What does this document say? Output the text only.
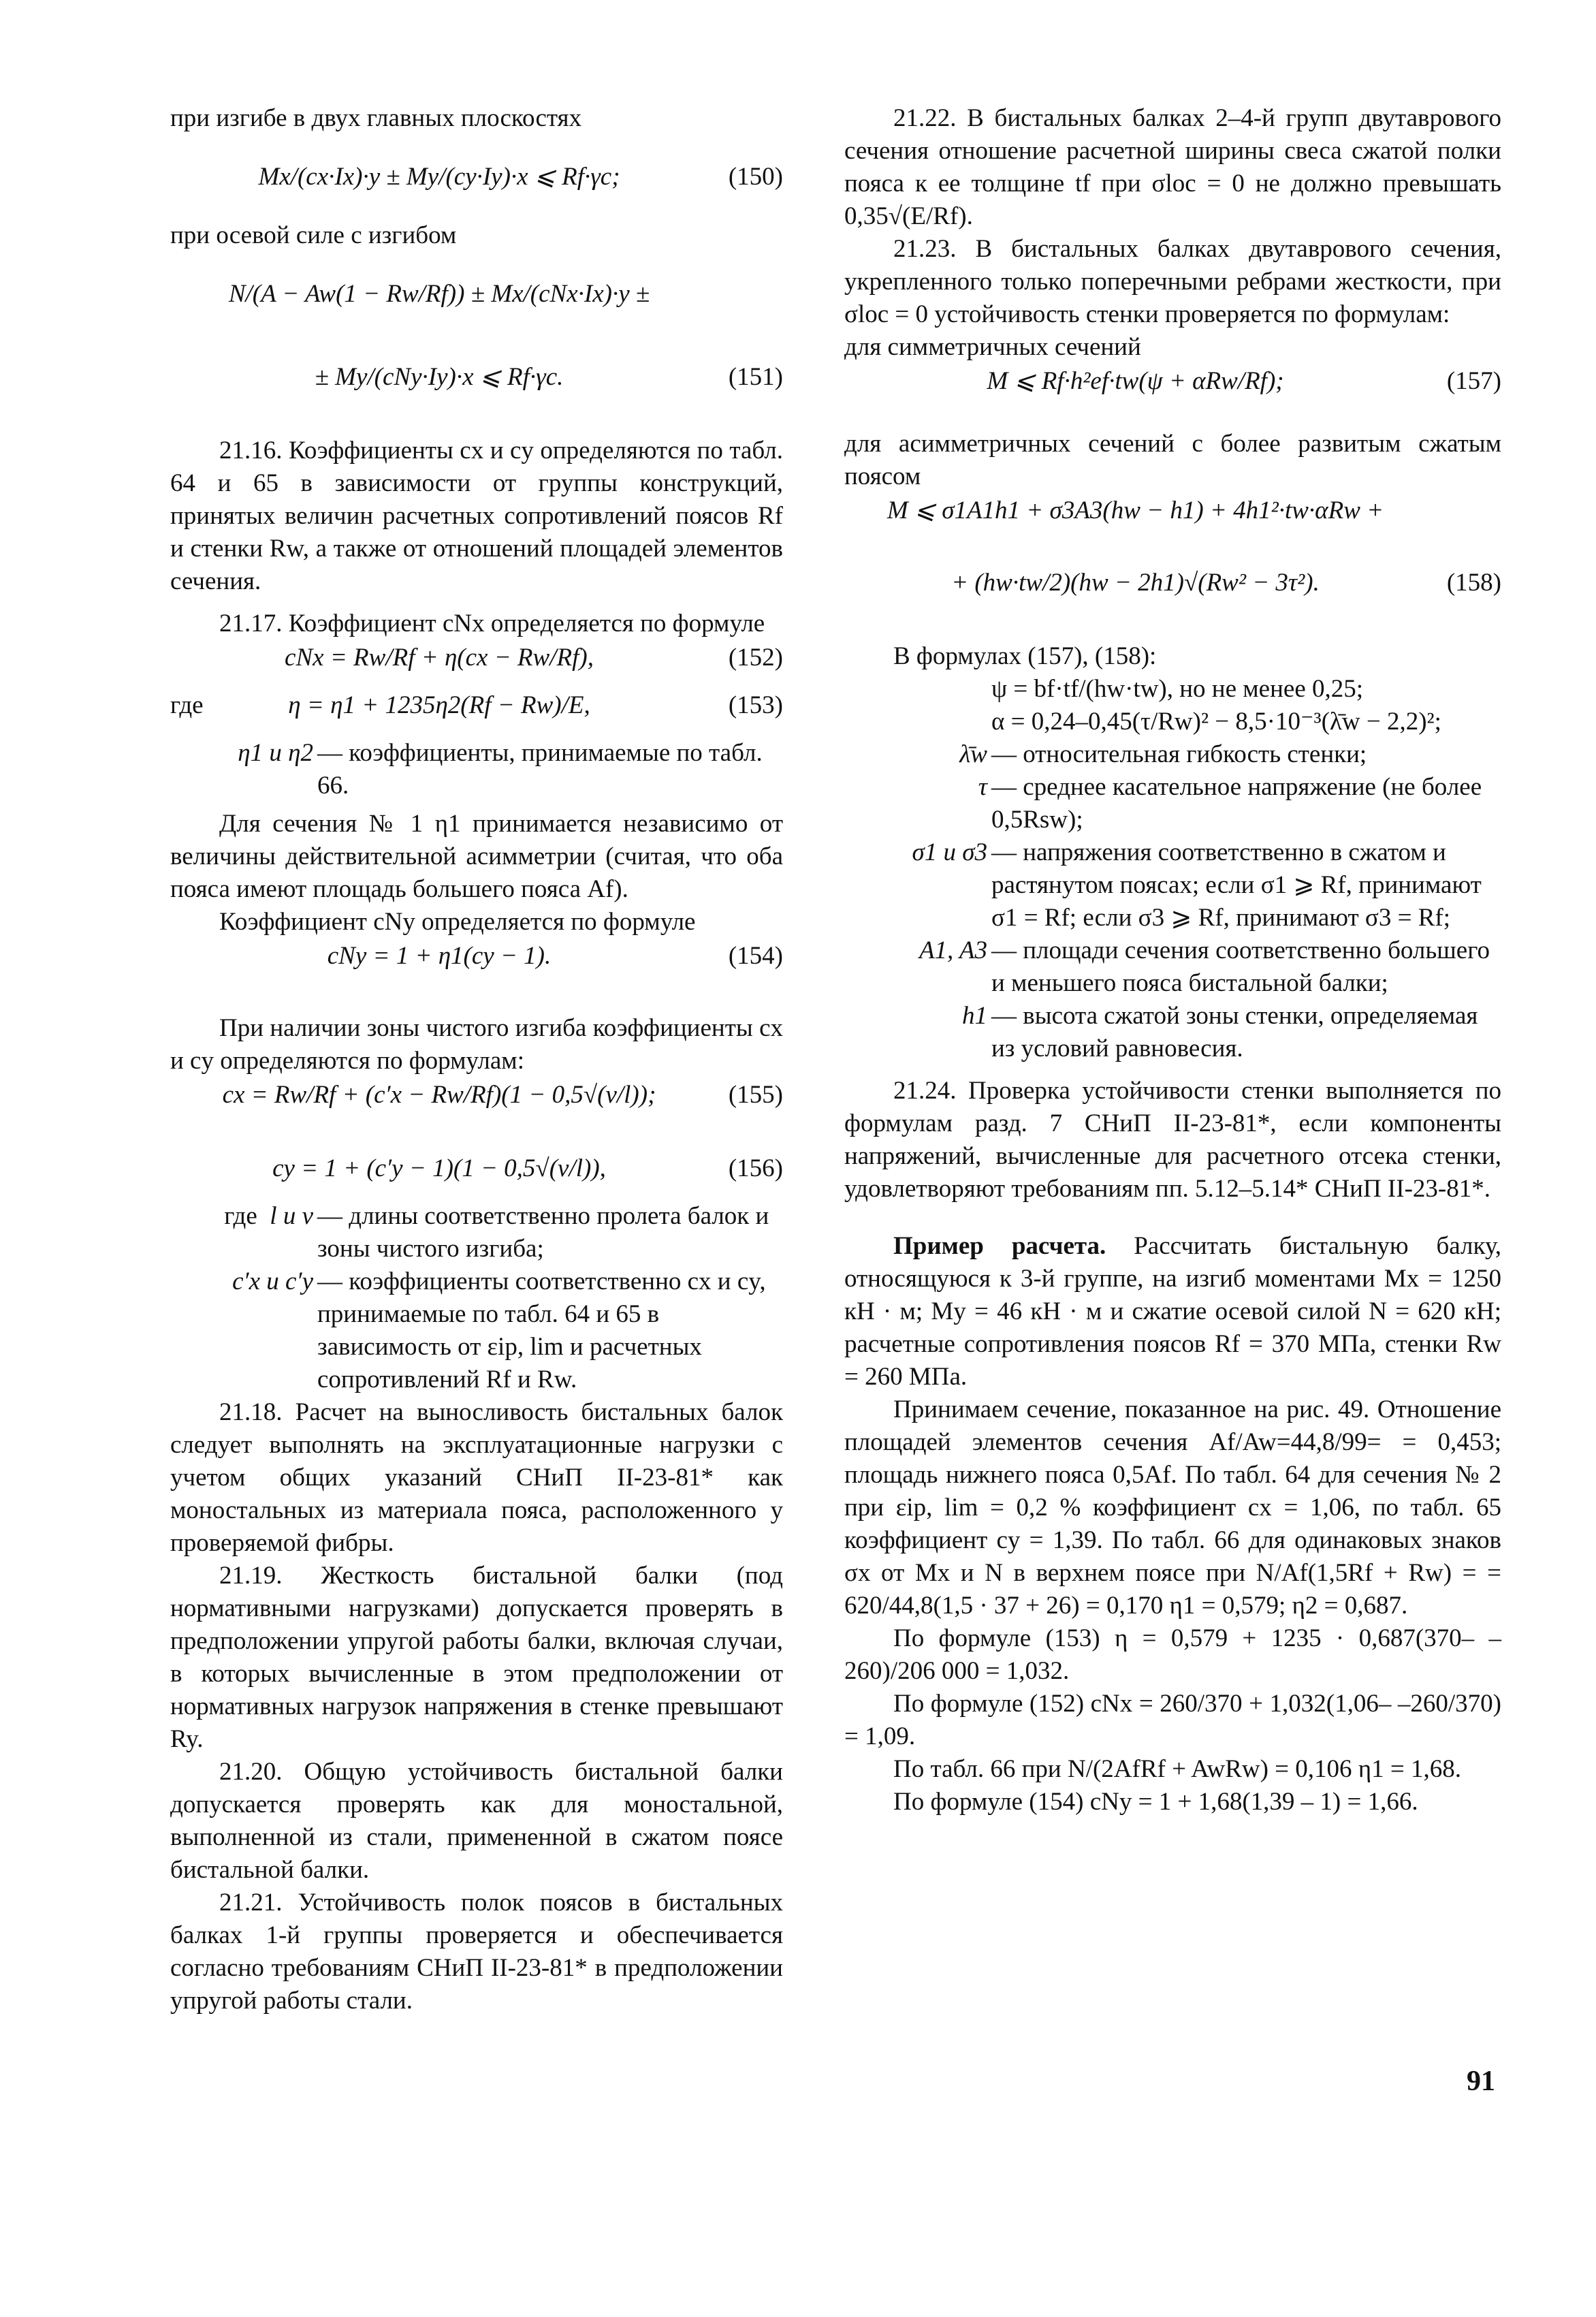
при изгибе в двух главных плоскостях

Mx/(cx·Ix)·y ± My/(cy·Iy)·x ⩽ Rf·γc;	(150)

при осевой силе с изгибом

N/(A − Aw(1 − Rw/Rf)) ± Mx/(cNx·Ix)·y ±
± My/(cNy·Iy)·x ⩽ Rf·γc.	(151)

21.16. Коэффициенты cx и cy определяются по табл. 64 и 65 в зависимости от группы конструкций, принятых величин расчетных сопротивлений поясов Rf и стенки Rw, а также от отношений площадей элементов сечения.

21.17. Коэффициент cNx определяется по формуле

cNx = Rw/Rf + η(cx − Rw/Rf),	(152)
где	η = η1 + 1235η2(Rf − Rw)/E,	(153)
η1 и η2 — коэффициенты, принимаемые по табл. 66.

Для сечения № 1 η1 принимается независимо от величины действительной асимметрии (считая, что оба пояса имеют площадь большего пояса Af).

Коэффициент cNy определяется по формуле

cNy = 1 + η1(cy − 1).	(154)

При наличии зоны чистого изгиба коэффициенты cx и cy определяются по формулам:

cx = Rw/Rf + (c′x − Rw/Rf)(1 − 0,5√(ν/l));	(155)
cy = 1 + (c′y − 1)(1 − 0,5√(ν/l)),	(156)
где l и ν — длины соответственно пролета балок и зоны чистого изгиба;
c′x и c′y — коэффициенты соответственно cx и cy, принимаемые по табл. 64 и 65 в зависимость от εip, lim и расчетных сопротивлений Rf и Rw.

21.18. Расчет на выносливость бистальных балок следует выполнять на эксплуатационные нагрузки с учетом общих указаний СНиП II-23-81* как моностальных из материала пояса, расположенного у проверяемой фибры.

21.19. Жесткость бистальной балки (под нормативными нагрузками) допускается проверять в предположении упругой работы балки, включая случаи, в которых вычисленные в этом предположении от нормативных нагрузок напряжения в стенке превышают Ry.

21.20. Общую устойчивость бистальной балки допускается проверять как для моностальной, выполненной из стали, примененной в сжатом поясе бистальной балки.

21.21. Устойчивость полок поясов в бистальных балках 1-й группы проверяется и обеспечивается согласно требованиям СНиП II-23-81* в предположении упругой работы стали.

21.22. В бистальных балках 2–4-й групп двутаврового сечения отношение расчетной ширины свеса сжатой полки пояса к ее толщине tf при σloc = 0 не должно превышать 0,35√(E/Rf).

21.23. В бистальных балках двутаврового сечения, укрепленного только поперечными ребрами жесткости, при σloc = 0 устойчивость стенки проверяется по формулам:

для симметричных сечений

M ⩽ Rf·h²ef·tw(ψ + αRw/Rf);	(157)

для асимметричных сечений с более развитым сжатым поясом

M ⩽ σ1A1h1 + σ3A3(hw − h1) + 4h1²·tw·αRw +
+ (hw·tw/2)(hw − 2h1)√(Rw² − 3τ²).	(158)

В формулах (157), (158):

ψ = bf·tf/(hw·tw), но не менее 0,25;
α = 0,24–0,45(τ/Rw)² − 8,5·10⁻³(λ̄w − 2,2)²;
λ̄w — относительная гибкость стенки;
τ — среднее касательное напряжение (не более 0,5Rsw);
σ1 и σ3 — напряжения соответственно в сжатом и растянутом поясах; если σ1 ⩾ Rf, принимают σ1 = Rf; если σ3 ⩾ Rf, принимают σ3 = Rf;
A1, A3 — площади сечения соответственно большего и меньшего пояса бистальной балки;
h1 — высота сжатой зоны стенки, определяемая из условий равновесия.

21.24. Проверка устойчивости стенки выполняется по формулам разд. 7 СНиП II-23-81*, если компоненты напряжений, вычисленные для расчетного отсека стенки, удовлетворяют требованиям пп. 5.12–5.14* СНиП II-23-81*.

Пример расчета. Рассчитать бистальную балку, относящуюся к 3-й группе, на изгиб моментами Mx = 1250 кН · м; My = 46 кН · м и сжатие осевой силой N = 620 кН; расчетные сопротивления поясов Rf = 370 МПа, стенки Rw = 260 МПа.

Принимаем сечение, показанное на рис. 49. Отношение площадей элементов сечения Af/Aw=44,8/99= = 0,453; площадь нижнего пояса 0,5Af. По табл. 64 для сечения № 2 при εip, lim = 0,2 % коэффициент cx = 1,06, по табл. 65 коэффициент cy = 1,39. По табл. 66 для одинаковых знаков σx от Mx и N в верхнем поясе при N/Af(1,5Rf + Rw) = = 620/44,8(1,5 · 37 + 26) = 0,170 η1 = 0,579; η2 = 0,687.

По формуле (153) η = 0,579 + 1235 · 0,687(370– –260)/206 000 = 1,032.

По формуле (152) cNx = 260/370 + 1,032(1,06– –260/370) = 1,09.

По табл. 66 при N/(2AfRf + AwRw) = 0,106 η1 = 1,68.

По формуле (154) cNy = 1 + 1,68(1,39 – 1) = 1,66.

91
